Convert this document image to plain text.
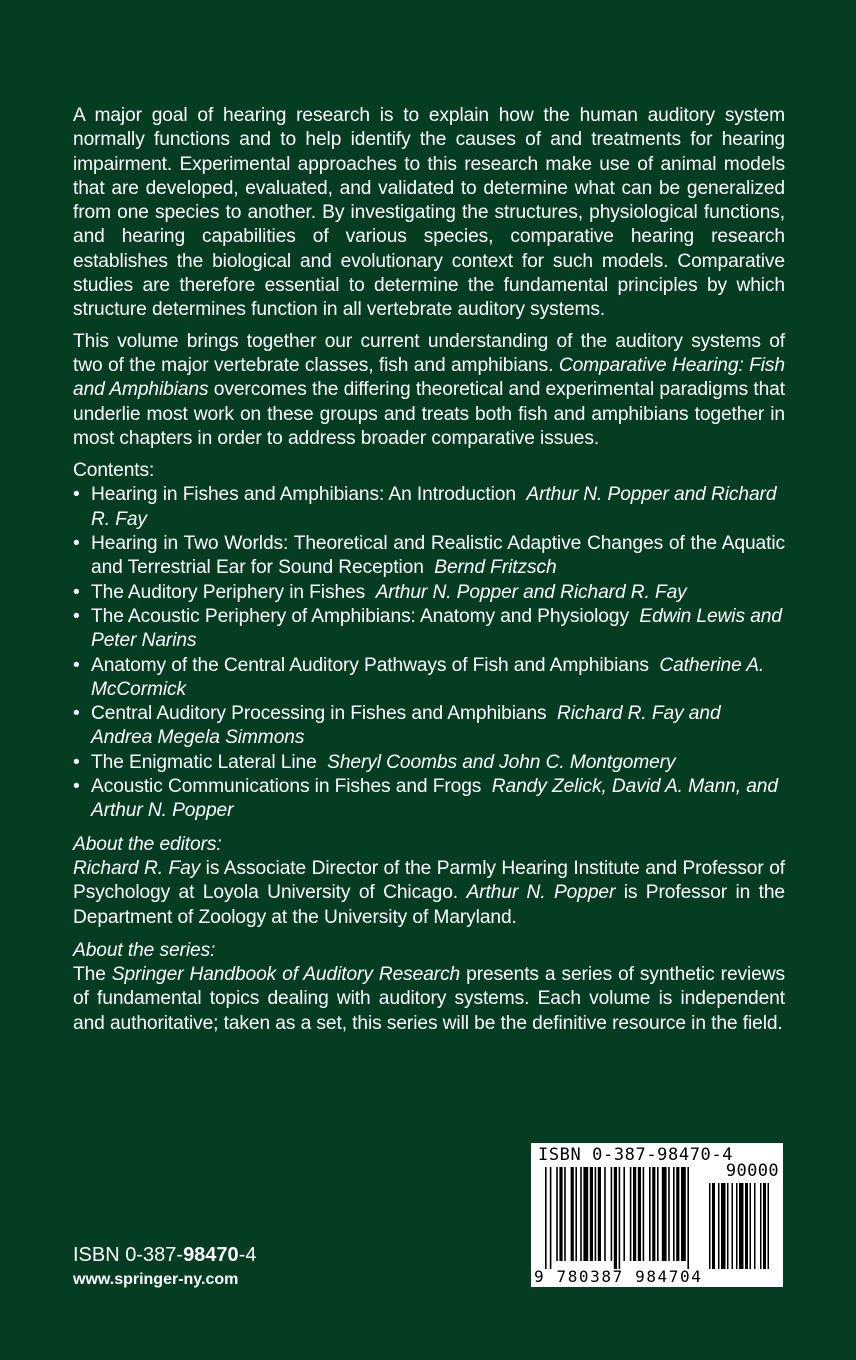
A major goal of hearing research is to explain how the human auditory system normally functions and to help identify the causes of and treatments for hearing impairment. Experimental approaches to this research make use of animal models that are developed, evaluated, and validated to determine what can be generalized from one species to another. By investigating the structures, physiological functions, and hearing capabilities of various species, comparative hearing research establishes the biological and evolutionary context for such models. Comparative studies are therefore essential to determine the fundamental principles by which structure determines function in all vertebrate auditory systems.

This volume brings together our current understanding of the auditory systems of two of the major vertebrate classes, fish and amphibians. Comparative Hearing: Fish and Amphibians overcomes the differing theoretical and experimental paradigms that underlie most work on these groups and treats both fish and amphibians together in most chapters in order to address broader comparative issues.

Contents:

• Hearing in Fishes and Amphibians: An Introduction Arthur N. Popper and Richard R. Fay
• Hearing in Two Worlds: Theoretical and Realistic Adaptive Changes of the Aquatic and Terrestrial Ear for Sound Reception Bernd Fritzsch
• The Auditory Periphery in Fishes Arthur N. Popper and Richard R. Fay
• The Acoustic Periphery of Amphibians: Anatomy and Physiology Edwin Lewis and Peter Narins
• Anatomy of the Central Auditory Pathways of Fish and Amphibians Catherine A. McCormick
• Central Auditory Processing in Fishes and Amphibians Richard R. Fay and Andrea Megela Simmons
• The Enigmatic Lateral Line Sheryl Coombs and John C. Montgomery
• Acoustic Communications in Fishes and Frogs Randy Zelick, David A. Mann, and Arthur N. Popper

About the editors:

Richard R. Fay is Associate Director of the Parmly Hearing Institute and Professor of Psychology at Loyola University of Chicago. Arthur N. Popper is Professor in the Department of Zoology at the University of Maryland.

About the series:

The Springer Handbook of Auditory Research presents a series of synthetic reviews of fundamental topics dealing with auditory systems. Each volume is independent and authoritative; taken as a set, this series will be the definitive resource in the field.

ISBN 0-387-98470-4
www.springer-ny.com
ISBN 0-387-98470-4
90000
9 780387 984704
